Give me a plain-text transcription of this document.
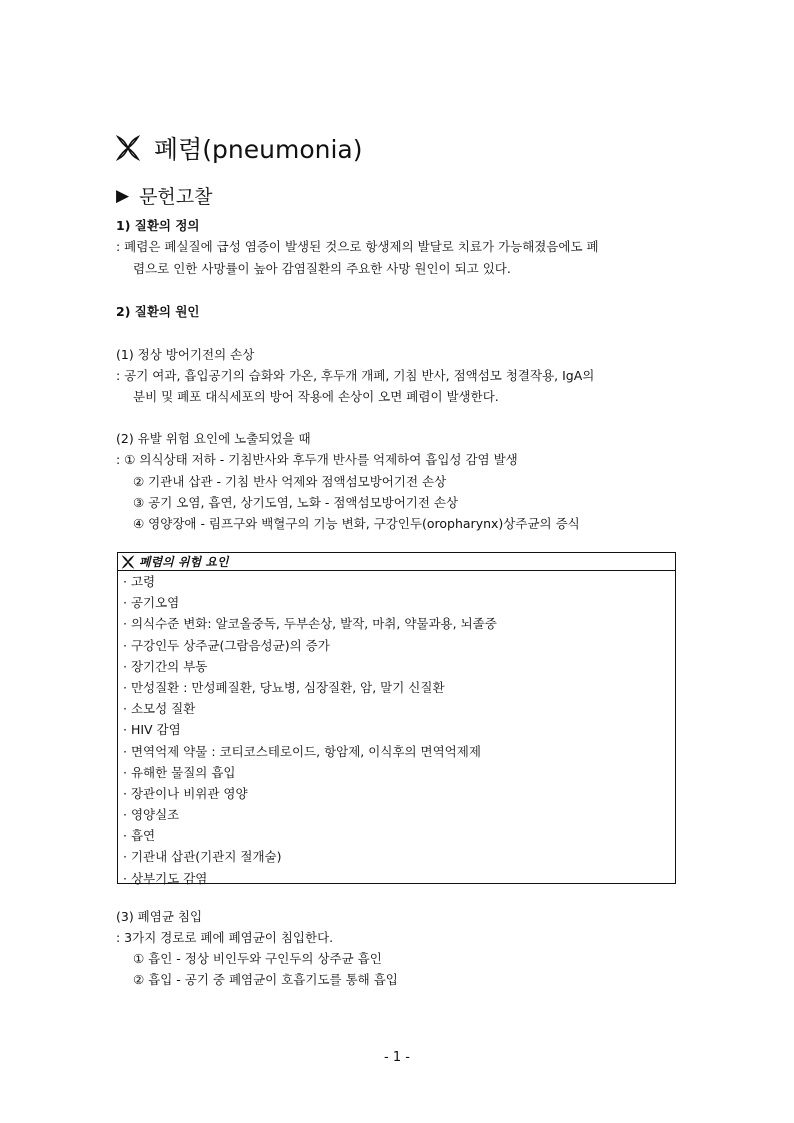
폐렴(pneumonia)
▶ 문헌고찰
1) 질환의 정의
: 폐렴은 폐실질에 급성 염증이 발생된 것으로 항생제의 발달로 치료가 가능해졌음에도 폐
렴으로 인한 사망률이 높아 감염질환의 주요한 사망 원인이 되고 있다.
2) 질환의 원인
(1) 정상 방어기전의 손상
: 공기 여과, 흡입공기의 습화와 가온, 후두개 개폐, 기침 반사, 점액섬모 청결작용, IgA의
분비 및 폐포 대식세포의 방어 작용에 손상이 오면 폐렴이 발생한다.
(2) 유발 위험 요인에 노출되었을 때
: ① 의식상태 저하 - 기침반사와 후두개 반사를 억제하여 흡입성 감염 발생
② 기관내 삽관 - 기침 반사 억제와 점액섬모방어기전 손상
③ 공기 오염, 흡연, 상기도염, 노화 - 점액섬모방어기전 손상
④ 영양장애 - 림프구와 백혈구의 기능 변화, 구강인두(oropharynx)상주균의 증식
폐렴의 위험 요인
· 고령
· 공기오염
· 의식수준 변화: 알코올중독, 두부손상, 발작, 마취, 약물과용, 뇌졸중
· 구강인두 상주균(그람음성균)의 증가
· 장기간의 부동
· 만성질환 : 만성폐질환, 당뇨병, 심장질환, 암, 말기 신질환
· 소모성 질환
· HIV 감염
· 면역억제 약물 : 코티코스테로이드, 항암제, 이식후의 면역억제제
· 유해한 물질의 흡입
· 장관이나 비위관 영양
· 영양실조
· 흡연
· 기관내 삽관(기관지 절개술)
· 상부기도 감염
(3) 폐염균 침입
: 3가지 경로로 폐에 폐염균이 침입한다.
① 흡인 - 정상 비인두와 구인두의 상주균 흡인
② 흡입 - 공기 중 폐염균이 호흡기도를 통해 흡입
- 1 -
